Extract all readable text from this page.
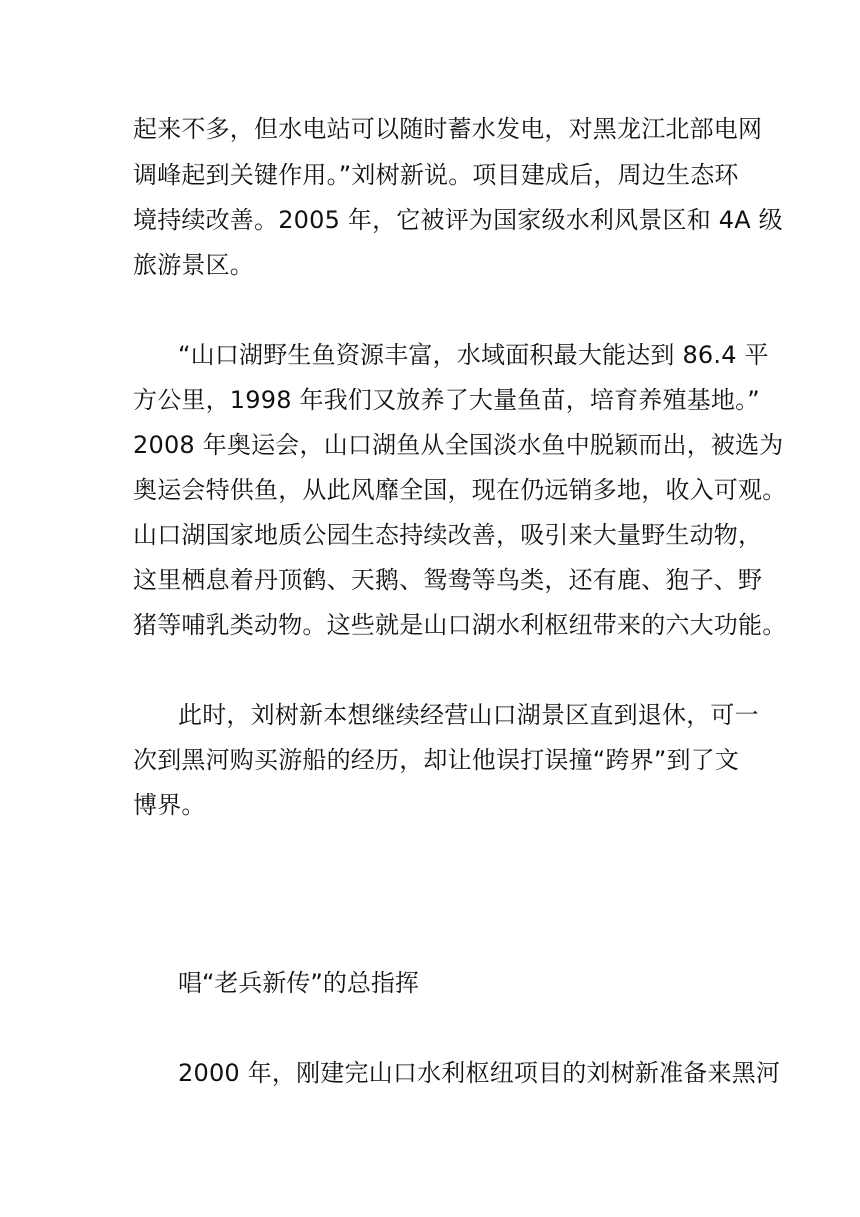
起来不多，但水电站可以随时蓄水发电，对黑龙江北部电网
调峰起到关键作用。”刘树新说。项目建成后，周边生态环
境持续改善。2005 年，它被评为国家级水利风景区和 4A 级
旅游景区。
“山口湖野生鱼资源丰富，水域面积最大能达到 86.4 平
方公里，1998 年我们又放养了大量鱼苗，培育养殖基地。”
2008 年奥运会，山口湖鱼从全国淡水鱼中脱颖而出，被选为
奥运会特供鱼，从此风靡全国，现在仍远销多地，收入可观。
山口湖国家地质公园生态持续改善，吸引来大量野生动物，
这里栖息着丹顶鹤、天鹅、鸳鸯等鸟类，还有鹿、狍子、野
猪等哺乳类动物。这些就是山口湖水利枢纽带来的六大功能。
此时，刘树新本想继续经营山口湖景区直到退休，可一
次到黑河购买游船的经历，却让他误打误撞“跨界”到了文
博界。
唱“老兵新传”的总指挥
2000 年，刚建完山口水利枢纽项目的刘树新准备来黑河
